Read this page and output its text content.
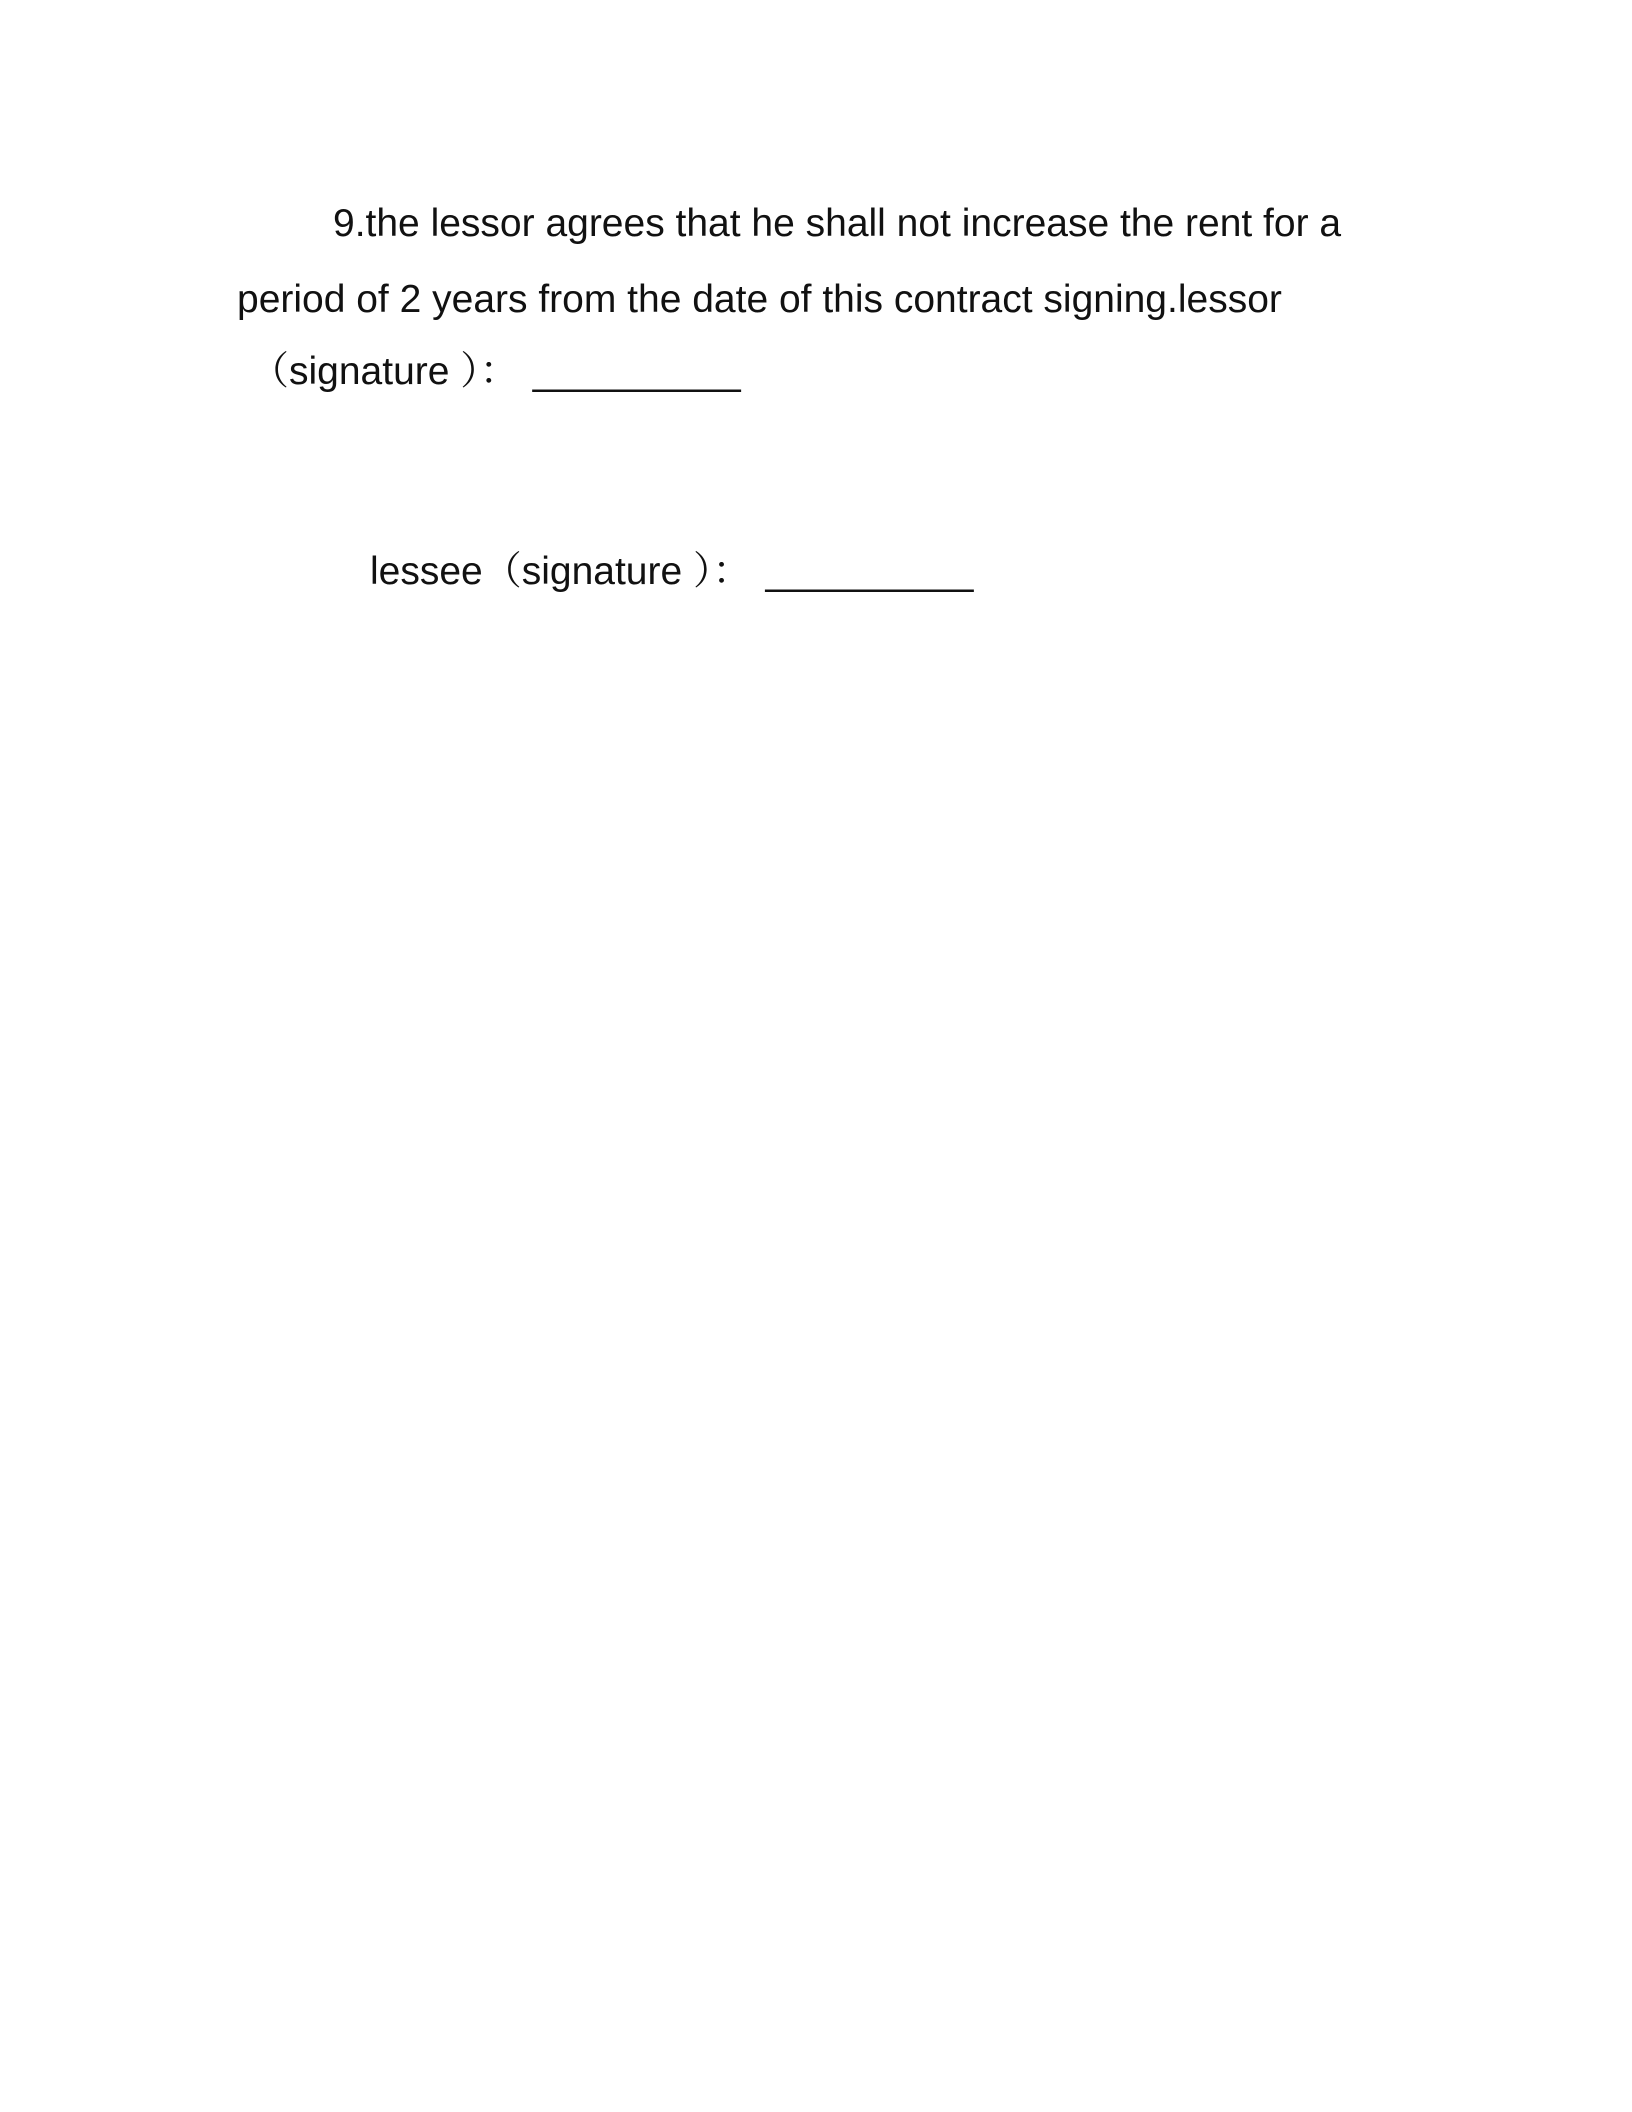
9.the lessor agrees that he shall not increase the rent for a
period of 2 years from the date of this contract signing.lessor
（signature ）： __________
lessee（signature ）： __________
